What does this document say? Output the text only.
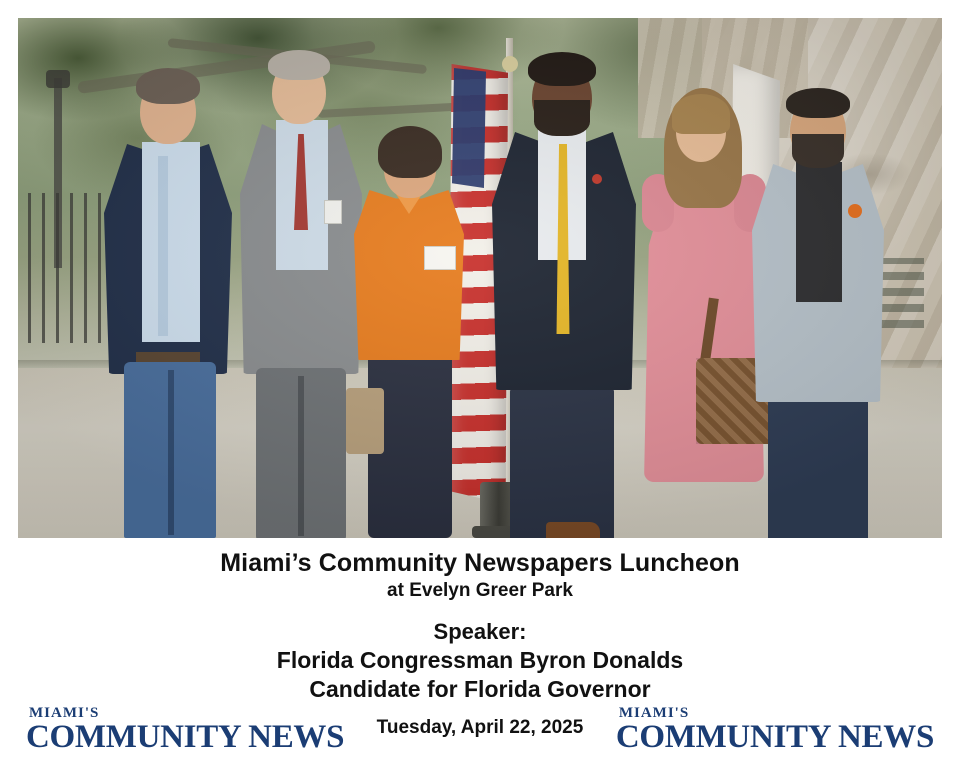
Miami’s Community Newspapers Luncheon
at Evelyn Greer Park
Speaker:
Florida Congressman Byron Donalds
Candidate for Florida Governor
Tuesday, April 22, 2025
MIAMI'S
COMMUNITY NEWS
MIAMI'S
COMMUNITY NEWS
